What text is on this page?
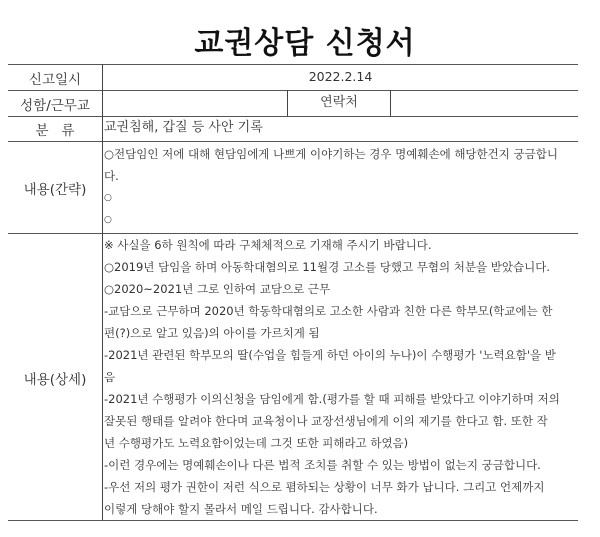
교권상담 신청서
신고일시	2022.2.14
성함/근무교	연락처
분   류	교권침해, 갑질 등 사안 기록
내용(간략)
○전담임인 저에 대해 현담임에게 나쁘게 이야기하는 경우 명예훼손에 해당한건지 궁금합니
다.
○
○
내용(상세)
※ 사실을 6하 원칙에 따라 구체체적으로 기재해 주시기 바랍니다.
○2019년 담임을 하며 아동학대혐의로 11월경 고소를 당했고 무혐의 처분을 받았습니다.
○2020~2021년 그로 인하여 교담으로 근무
-교담으로 근무하며 2020년 학동학대혐의로 고소한 사람과 친한 다른 학부모(학교에는 한
편(?)으로 알고 있음)의 아이를 가르치게 됨
-2021년 관련된 학부모의 딸(수업을 힘들게 하던 아이의 누나)이 수행평가 '노력요함'을 받
음
-2021년 수행평가 이의신청을 담임에게 함.(평가를 할 때 피해를 받았다고 이야기하며 저의
잘못된 행태를 알려야 한다며 교육청이나 교장선생님에게 이의 제기를 한다고 함. 또한 작
년 수행평가도 노력요함이었는데 그것 또한 피해라고 하였음)
-이런 경우에는 명예훼손이나 다른 법적 조치를 취할 수 있는 방법이 없는지 궁금합니다.
-우선 저의 평가 권한이 저런 식으로 폄하되는 상황이 너무 화가 납니다. 그리고 언제까지
이렇게 당해야 할지 몰라서 메일 드립니다. 감사합니다.
